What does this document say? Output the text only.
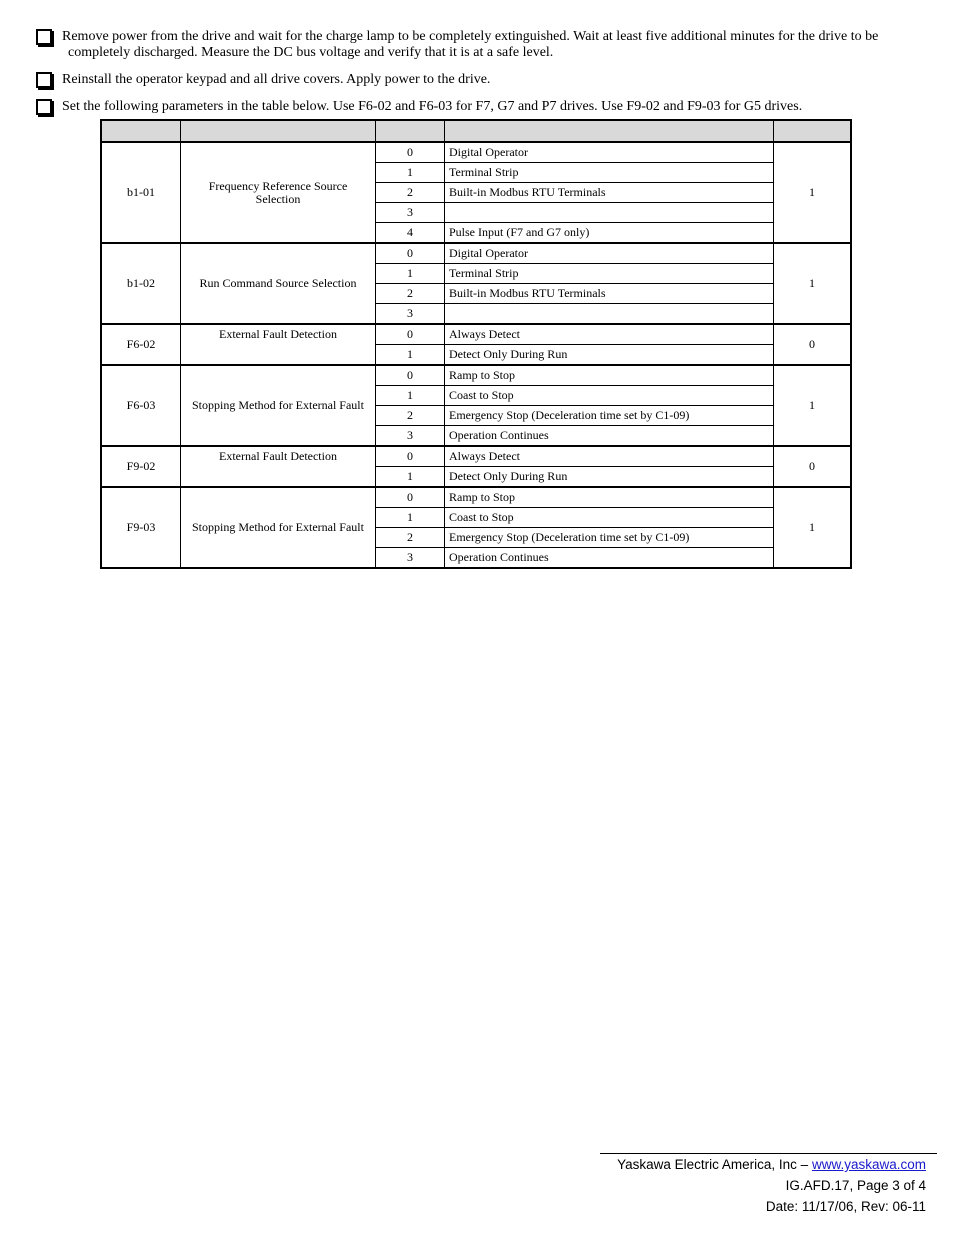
Remove power from the drive and wait for the charge lamp to be completely extinguished. Wait at least five additional minutes for the drive to be
completely discharged. Measure the DC bus voltage and verify that it is at a safe level.
Reinstall the operator keypad and all drive covers. Apply power to the drive.
Set the following parameters in the table below. Use F6-02 and F6-03 for F7, G7 and P7 drives. Use F9-02 and F9-03 for G5 drives.

b1-01	Frequency Reference Source Selection	0	Digital Operator	1
		1	Terminal Strip	
		2	Built-in Modbus RTU Terminals	
		3		
		4	Pulse Input (F7 and G7 only)	
b1-02	Run Command Source Selection	0	Digital Operator	1
		1	Terminal Strip	
		2	Built-in Modbus RTU Terminals	
		3		
F6-02	External Fault Detection	0	Always Detect	0
		1	Detect Only During Run	
F6-03	Stopping Method for External Fault	0	Ramp to Stop	1
		1	Coast to Stop	
		2	Emergency Stop (Deceleration time set by C1-09)	
		3	Operation Continues	
F9-02	External Fault Detection	0	Always Detect	0
		1	Detect Only During Run	
F9-03	Stopping Method for External Fault	0	Ramp to Stop	1
		1	Coast to Stop	
		2	Emergency Stop (Deceleration time set by C1-09)	
		3	Operation Continues	
Yaskawa Electric America, Inc – www.yaskawa.com
IG.AFD.17, Page 3 of 4
Date: 11/17/06, Rev: 06-11
